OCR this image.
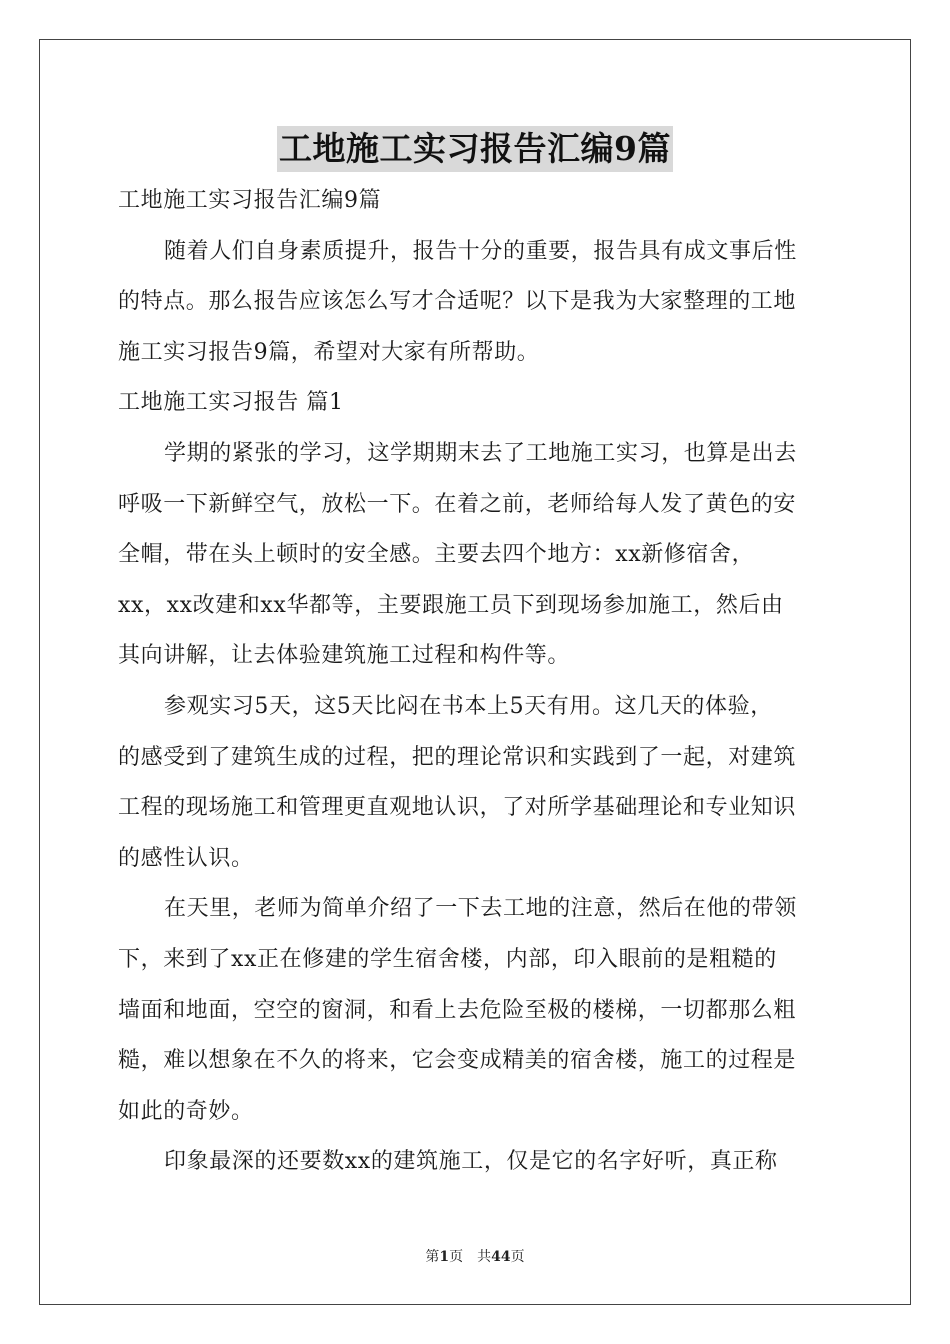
工地施工实习报告汇编9篇
工地施工实习报告汇编9篇
随着人们自身素质提升，报告十分的重要，报告具有成文事后性
的特点。那么报告应该怎么写才合适呢？以下是我为大家整理的工地
施工实习报告9篇，希望对大家有所帮助。
工地施工实习报告 篇1
学期的紧张的学习，这学期期末去了工地施工实习，也算是出去
呼吸一下新鲜空气，放松一下。在着之前，老师给每人发了黄色的安
全帽，带在头上顿时的安全感。主要去四个地方：xx新修宿舍，
xx，xx改建和xx华都等，主要跟施工员下到现场参加施工，然后由
其向讲解，让去体验建筑施工过程和构件等。
参观实习5天，这5天比闷在书本上5天有用。这几天的体验，
的感受到了建筑生成的过程，把的理论常识和实践到了一起，对建筑
工程的现场施工和管理更直观地认识，了对所学基础理论和专业知识
的感性认识。
在天里，老师为简单介绍了一下去工地的注意，然后在他的带领
下，来到了xx正在修建的学生宿舍楼，内部，印入眼前的是粗糙的
墙面和地面，空空的窗洞，和看上去危险至极的楼梯，一切都那么粗
糙，难以想象在不久的将来，它会变成精美的宿舍楼，施工的过程是
如此的奇妙。
印象最深的还要数xx的建筑施工，仅是它的名字好听，真正称
第1页　共44页
